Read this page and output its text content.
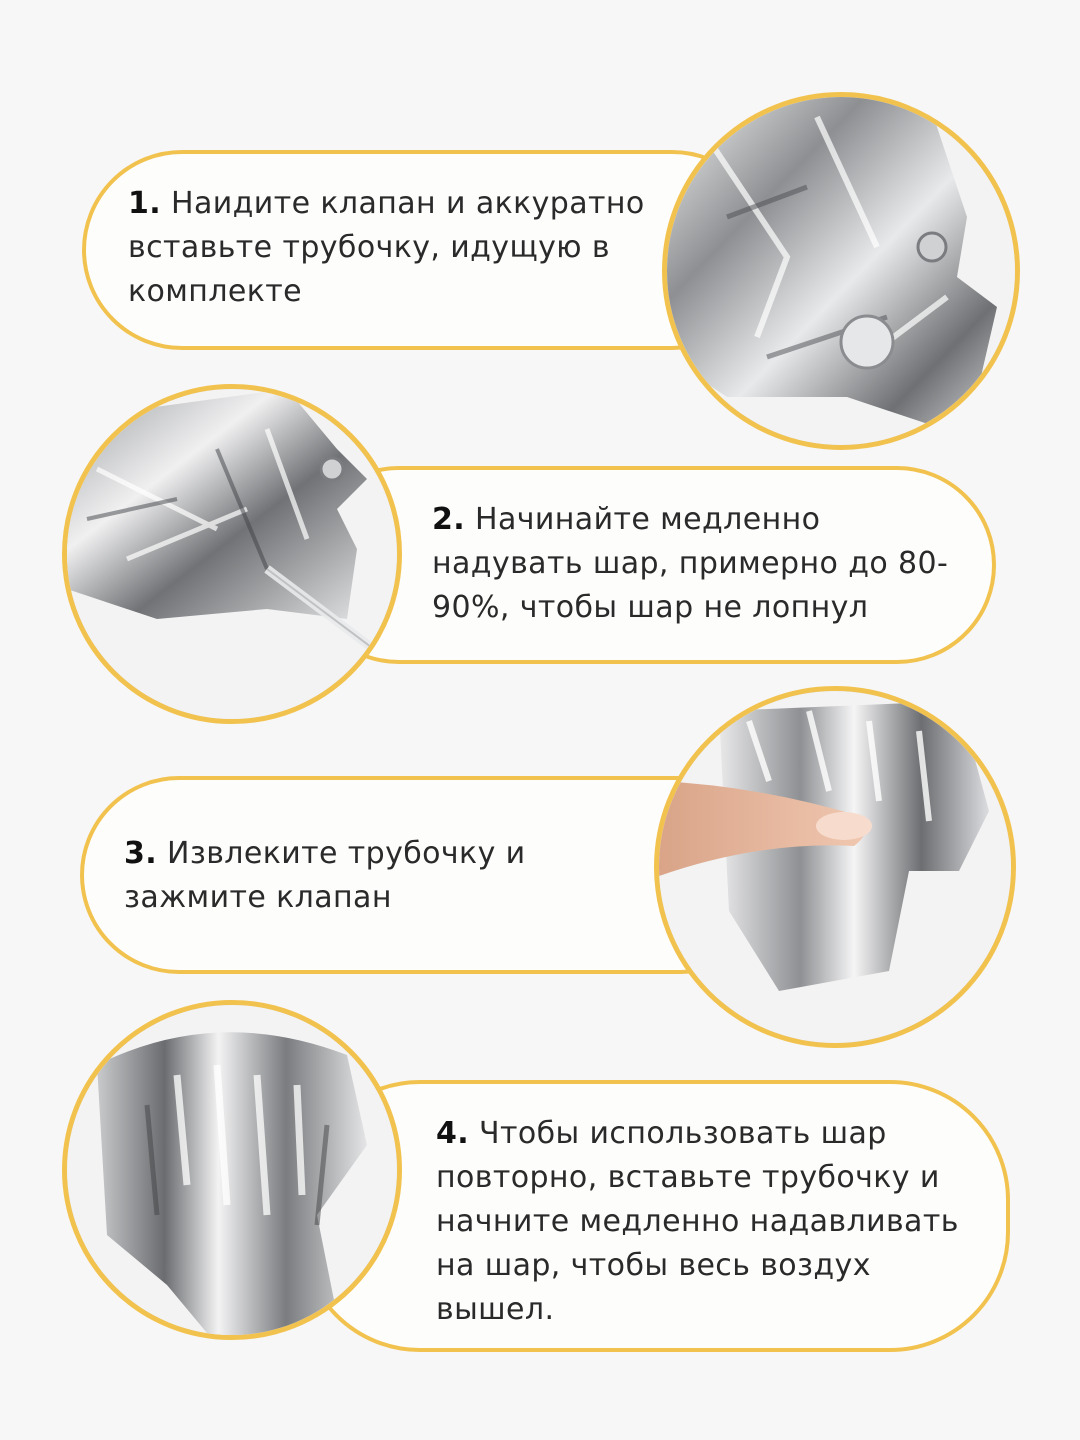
1. Наидите клапан и аккуратно вставьте трубочку, идущую в комплекте
2. Начинайте медленно надувать шар, примерно до 80-90%, чтобы шар не лопнул
3. Извлеките трубочку и зажмите клапан
4. Чтобы использовать шар повторно, вставьте трубочку и начните медленно надавливать на шар, чтобы весь воздух вышел.
